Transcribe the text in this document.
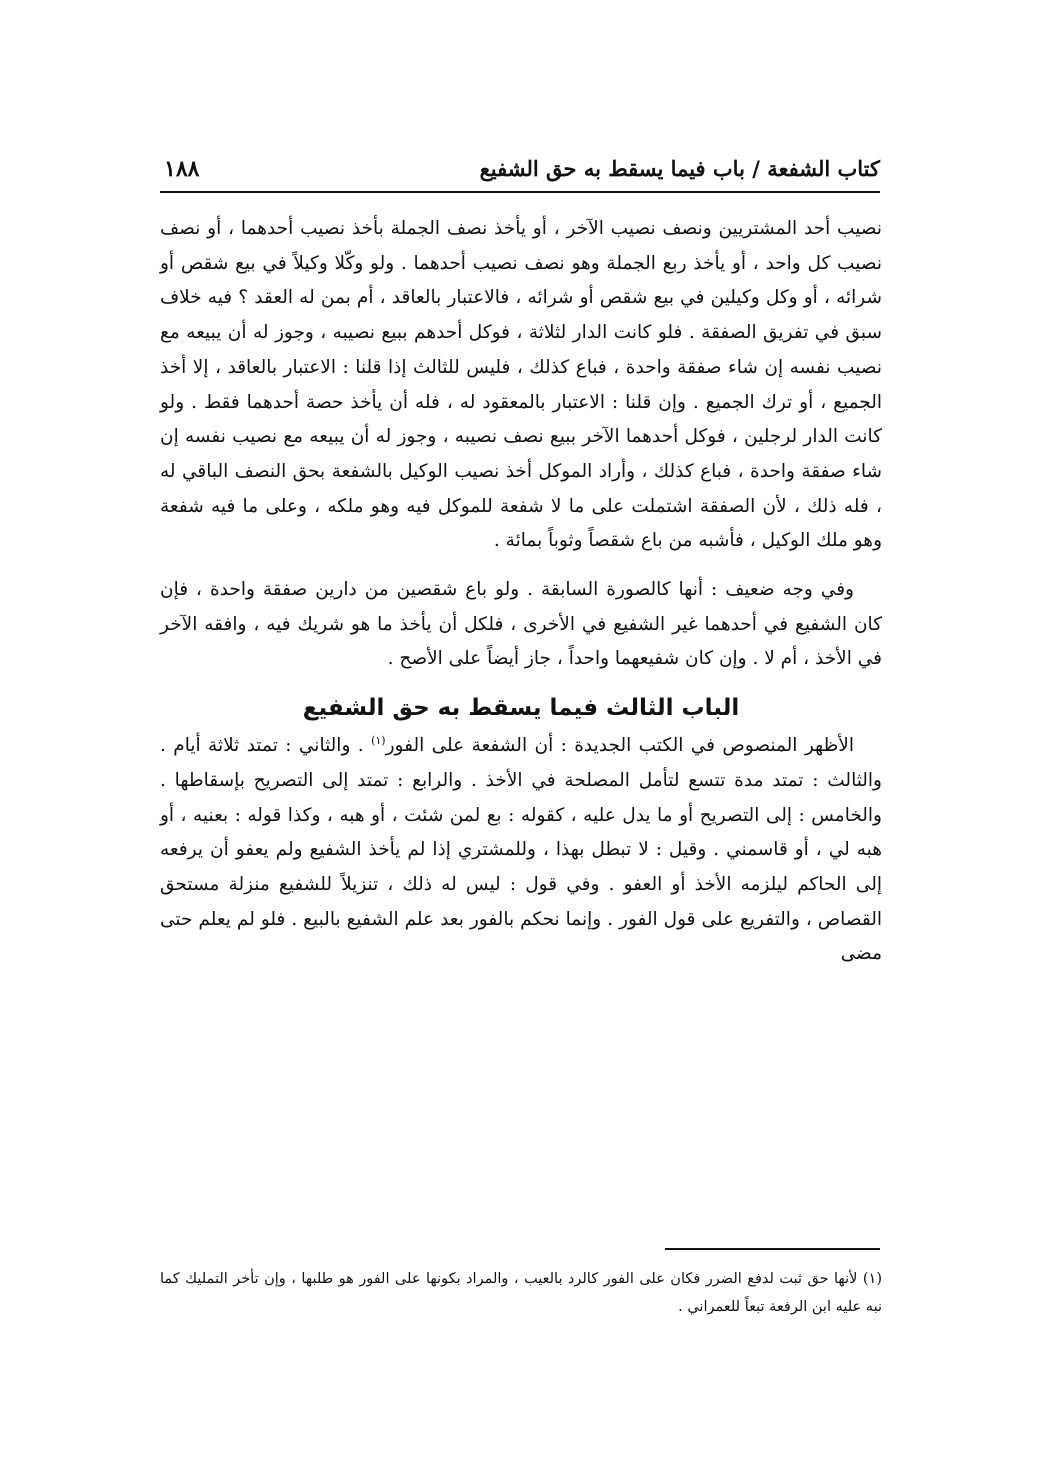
كتاب الشفعة / باب فيما يسقط به حق الشفيع
١٨٨

نصيب أحد المشتريين ونصف نصيب الآخر ، أو يأخذ نصف الجملة بأخذ نصيب أحدهما ، أو نصف نصيب كل واحد ، أو يأخذ ربع الجملة وهو نصف نصيب أحدهما . ولو وكّلا وكيلاً في بيع شقص أو شرائه ، أو وكل وكيلين في بيع شقص أو شرائه ، فالاعتبار بالعاقد ، أم بمن له العقد ؟ فيه خلاف سبق في تفريق الصفقة . فلو كانت الدار لثلاثة ، فوكل أحدهم ببيع نصيبه ، وجوز له أن يبيعه مع نصيب نفسه إن شاء صفقة واحدة ، فباع كذلك ، فليس للثالث إذا قلنا : الاعتبار بالعاقد ، إلا أخذ الجميع ، أو ترك الجميع . وإن قلنا : الاعتبار بالمعقود له ، فله أن يأخذ حصة أحدهما فقط . ولو كانت الدار لرجلين ، فوكل أحدهما الآخر ببيع نصف نصيبه ، وجوز له أن يبيعه مع نصيب نفسه إن شاء صفقة واحدة ، فباع كذلك ، وأراد الموكل أخذ نصيب الوكيل بالشفعة بحق النصف الباقي له ، فله ذلك ، لأن الصفقة اشتملت على ما لا شفعة للموكل فيه وهو ملكه ، وعلى ما فيه شفعة وهو ملك الوكيل ، فأشبه من باع شقصاً وثوباً بمائة .

وفي وجه ضعيف : أنها كالصورة السابقة . ولو باع شقصين من دارين صفقة واحدة ، فإن كان الشفيع في أحدهما غير الشفيع في الأخرى ، فلكل أن يأخذ ما هو شريك فيه ، وافقه الآخر في الأخذ ، أم لا . وإن كان شفيعهما واحداً ، جاز أيضاً على الأصح .

الباب الثالث فيما يسقط به حق الشفيع

الأظهر المنصوص في الكتب الجديدة : أن الشفعة على الفور$^{(١)}$ . والثاني : تمتد ثلاثة أيام . والثالث : تمتد مدة تتسع لتأمل المصلحة في الأخذ . والرابع : تمتد إلى التصريح بإسقاطها . والخامس : إلى التصريح أو ما يدل عليه ، كقوله : بع لمن شئت ، أو هبه ، وكذا قوله : بعنيه ، أو هبه لي ، أو قاسمني . وقيل : لا تبطل بهذا ، وللمشتري إذا لم يأخذ الشفيع ولم يعفو أن يرفعه إلى الحاكم ليلزمه الأخذ أو العفو . وفي قول : ليس له ذلك ، تنزيلاً للشفيع منزلة مستحق القصاص ، والتفريع على قول الفور . وإنما نحكم بالفور بعد علم الشفيع بالبيع . فلو لم يعلم حتى مضى

(١) لأنها حق ثبت لدفع الضرر فكان على الفور كالرد بالعيب ، والمراد بكونها على الفور هو طلبها ، وإن تأخر التمليك كما نبه عليه ابن الرفعة تبعاً للعمراني .
